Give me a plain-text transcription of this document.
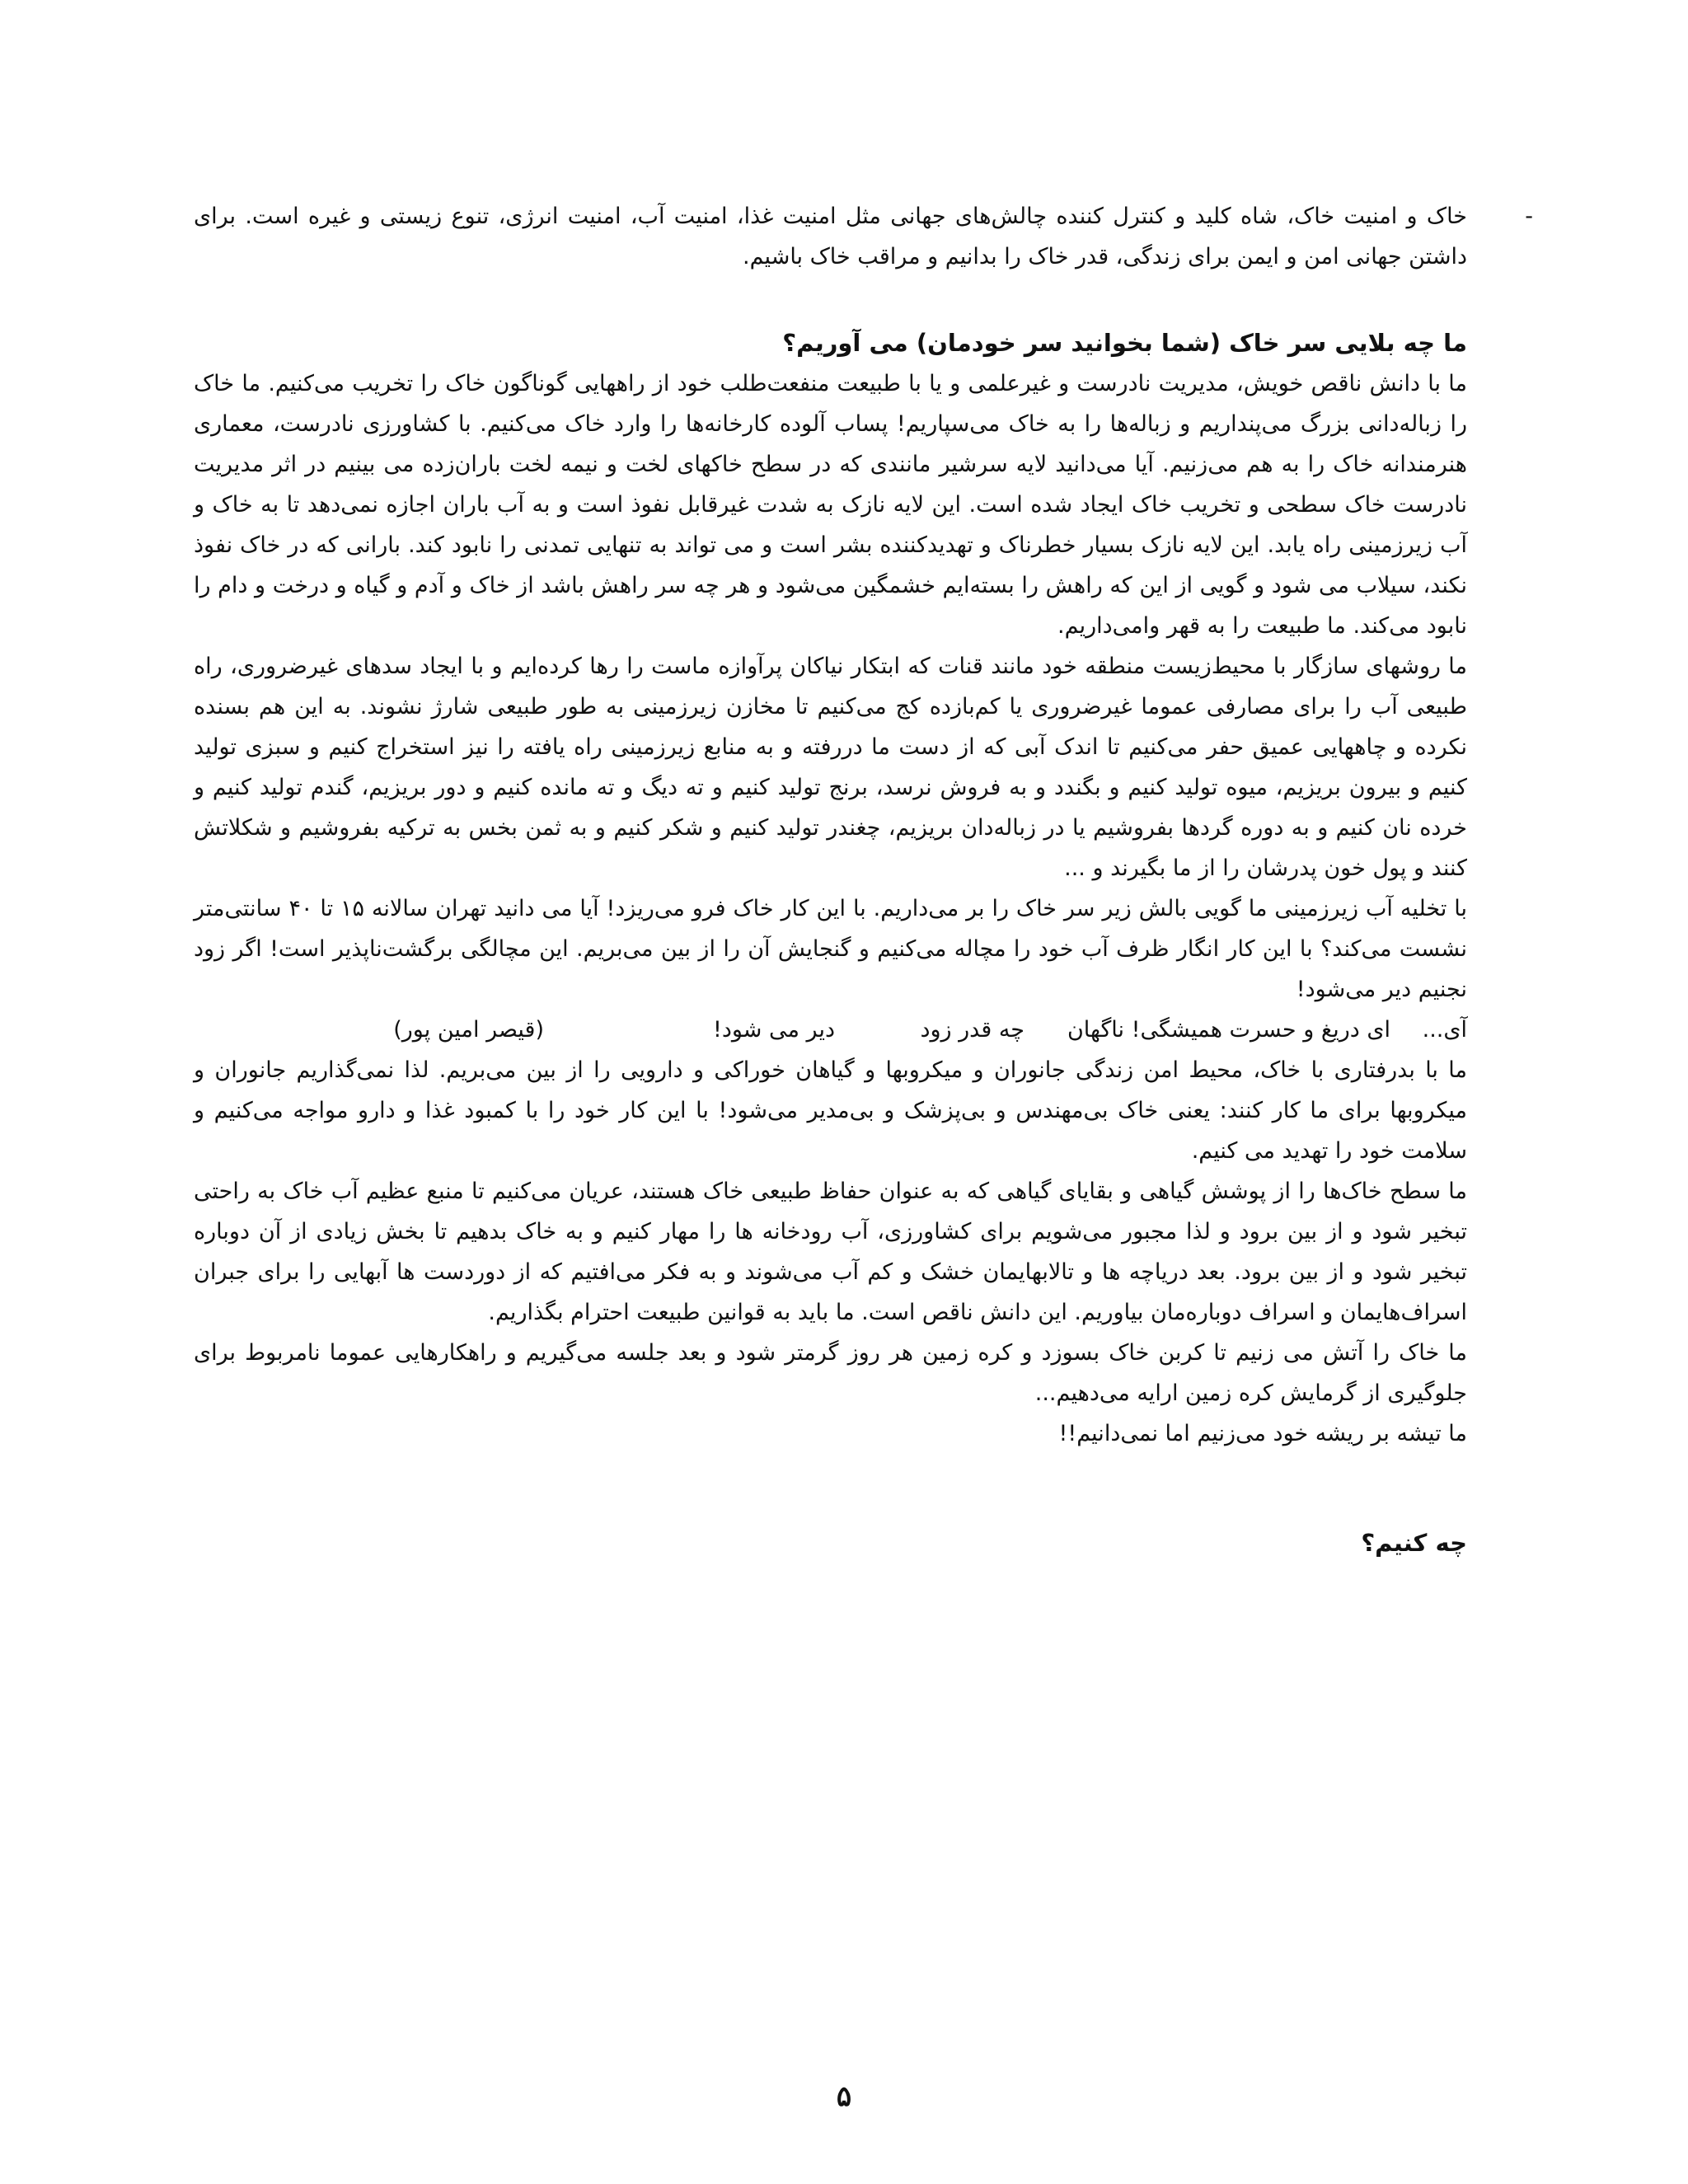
-
خاک و امنیت خاک، شاه کلید و کنترل کننده چالش‌های جهانی مثل امنیت غذا، امنیت آب، امنیت انرژی، تنوع زیستی و غیره است. برای داشتن جهانی امن و ایمن برای زندگی، قدر خاک را بدانیم و مراقب خاک باشیم.

ما چه بلایی سر خاک (شما بخوانید سر خودمان) می آوریم؟

ما با دانش ناقص خویش، مدیریت نادرست و غیرعلمی و یا با طبیعت منفعت‌طلب خود از راههایی گوناگون خاک را تخریب می‌کنیم. ما خاک را زباله‌دانی بزرگ می‌پنداریم و زباله‌ها را به خاک می‌سپاریم! پساب آلوده کارخانه‌ها را وارد خاک می‌کنیم. با کشاورزی نادرست، معماری هنرمندانه خاک را به هم می‌زنیم. آیا می‌دانید لایه سرشیر مانندی که در سطح خاکهای لخت و نیمه لخت باران‌زده می بینیم در اثر مدیریت نادرست خاک سطحی و تخریب خاک ایجاد شده است. این لایه نازک به شدت غیرقابل نفوذ است و به آب باران اجازه نمی‌دهد تا به خاک و آب زیرزمینی راه یابد. این لایه نازک بسیار خطرناک و تهدیدکننده بشر است و می تواند به تنهایی تمدنی را نابود کند. بارانی که در خاک نفوذ نکند، سیلاب می شود و گویی از این که راهش را بسته‌ایم خشمگین می‌شود و هر چه سر راهش باشد از خاک و آدم و گیاه و درخت و دام را نابود می‌کند. ما طبیعت را به قهر وامی‌داریم.

ما روشهای سازگار با محیط‌زیست منطقه خود مانند قنات که ابتکار نیاکان پرآوازه ماست را رها کرده‌ایم و با ایجاد سدهای غیرضروری، راه طبیعی آب را برای مصارفی عموما غیرضروری یا کم‌بازده کج می‌کنیم تا مخازن زیرزمینی به طور طبیعی شارژ نشوند. به این هم بسنده نکرده و چاههایی عمیق حفر می‌کنیم تا اندک آبی که از دست ما دررفته و به منابع زیرزمینی راه یافته را نیز استخراج کنیم و سبزی تولید کنیم و بیرون بریزیم، میوه تولید کنیم و بگندد و به فروش نرسد، برنج تولید کنیم و ته دیگ و ته مانده کنیم و دور بریزیم، گندم تولید کنیم و خرده نان کنیم و به دوره گردها بفروشیم یا در زباله‌دان بریزیم، چغندر تولید کنیم و شکر کنیم و به ثمن بخس به ترکیه بفروشیم و شکلاتش کنند و پول خون پدرشان را از ما بگیرند و ...

با تخلیه آب زیرزمینی ما گویی بالش زیر سر خاک را بر می‌داریم. با این کار خاک فرو می‌ریزد! آیا می دانید تهران سالانه ۱۵ تا ۴۰ سانتی‌متر نشست می‌کند؟ با این کار انگار ظرف آب خود را مچاله می‌کنیم و گنجایش آن را از بین می‌بریم. این مچالگی برگشت‌ناپذیر است! اگر زود نجنیم دیر می‌شود!

آی...
ای دریغ و حسرت همیشگی! ناگهان
چه قدر زود
دیر می شود!
(قیصر امین پور)

ما با بدرفتاری با خاک، محیط امن زندگی جانوران و میکروبها و گیاهان خوراکی و دارویی را از بین می‌بریم. لذا نمی‌گذاریم جانوران و میکروبها برای ما کار کنند: یعنی خاک بی‌مهندس و بی‌پزشک و بی‌مدیر می‌شود! با این کار خود را با کمبود غذا و دارو مواجه می‌کنیم و سلامت خود را تهدید می کنیم.

ما سطح خاک‌ها را از پوشش گیاهی و بقایای گیاهی که به عنوان حفاظ طبیعی خاک هستند، عریان می‌کنیم تا منبع عظیم آب خاک به راحتی تبخیر شود و از بین برود و لذا مجبور می‌شویم برای کشاورزی، آب رودخانه ها را مهار کنیم و به خاک بدهیم تا بخش زیادی از آن دوباره تبخیر شود و از بین برود. بعد دریاچه ها و تالابهایمان خشک و کم آب می‌شوند و به فکر می‌افتیم که از دوردست ها آبهایی را برای جبران اسراف‌هایمان و اسراف دوباره‌مان بیاوریم. این دانش ناقص است. ما باید به قوانین طبیعت احترام بگذاریم.

ما خاک را آتش می زنیم تا کربن خاک بسوزد و کره زمین هر روز گرمتر شود و بعد جلسه می‌گیریم و راهکارهایی عموما نامربوط برای جلوگیری از گرمایش کره زمین ارایه می‌دهیم...

ما تیشه بر ریشه خود می‌زنیم اما نمی‌دانیم!!

چه کنیم؟
۵
